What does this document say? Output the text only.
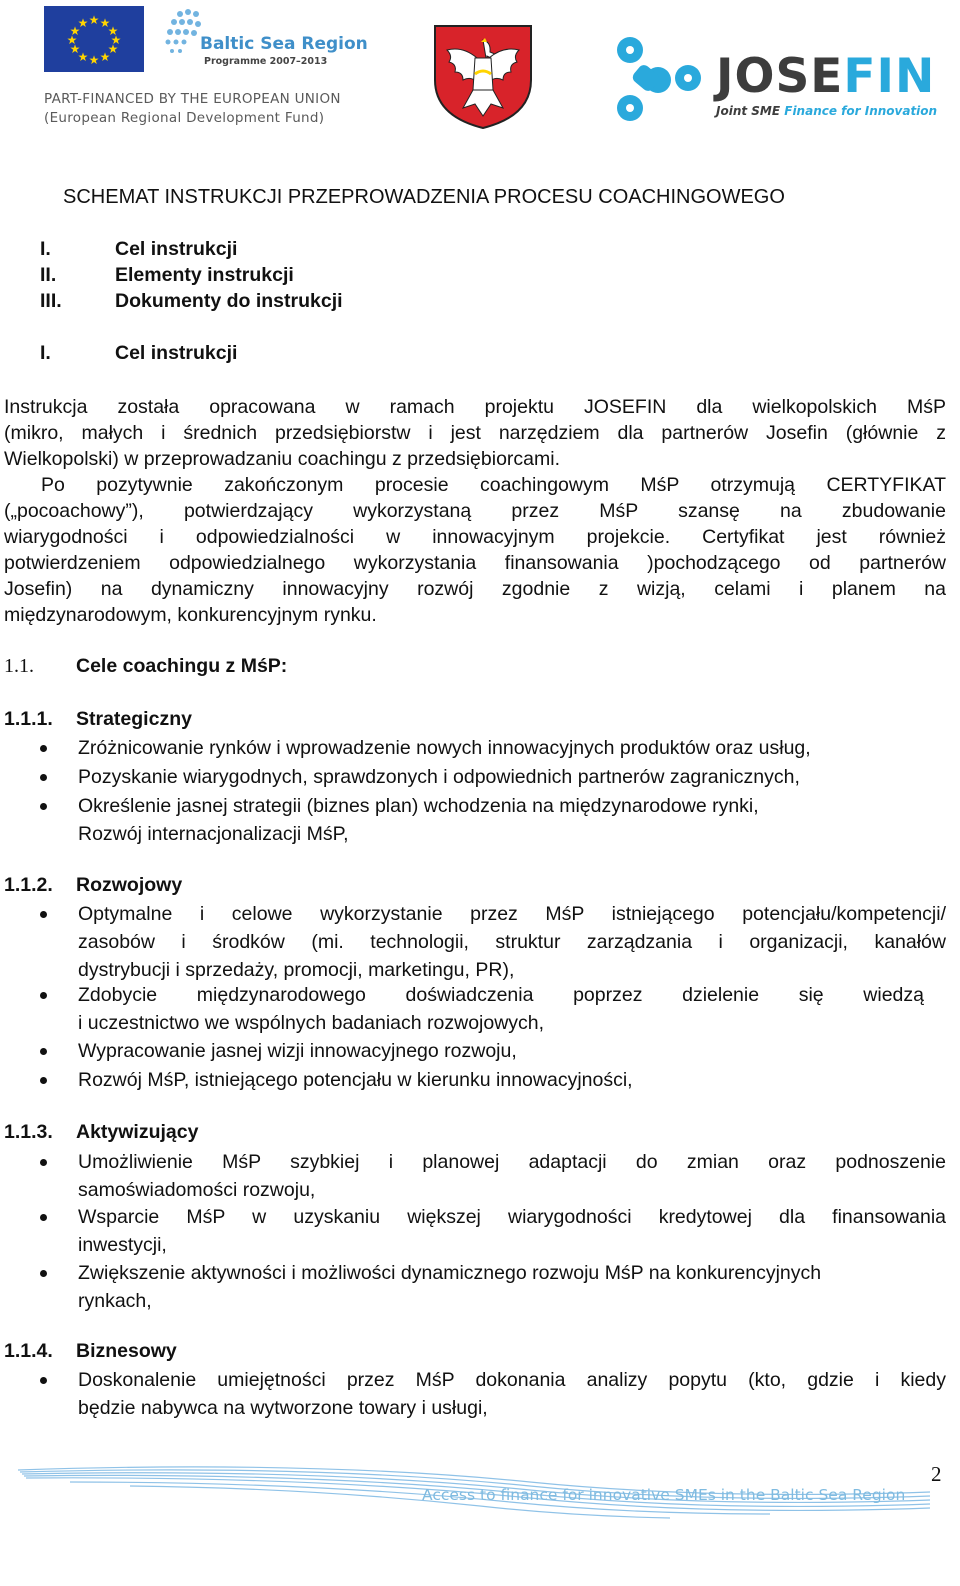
★ ★
★
★
★
★
★
★
★
★
★
★
Baltic Sea Region
Programme 2007–2013
PART-FINANCED BY THE EUROPEAN UNION
(European Regional Development Fund)
JOSEFIN
Joint SME Finance for Innovation
SCHEMAT INSTRUKCJI PRZEPROWADZENIA PROCESU COACHINGOWEGO
I.	Cel instrukcji
II.	Elementy instrukcji
III.	Dokumenty do instrukcji
I.	Cel instrukcji
Instrukcja została opracowana w ramach projektu JOSEFIN dla wielkopolskich MśP
(mikro, małych i średnich przedsiębiorstw i jest narzędziem dla partnerów Josefin (głównie z
Wielkopolski) w przeprowadzaniu coachingu z przedsiębiorcami.
Po pozytywnie zakończonym procesie coachingowym MśP otrzymują CERTYFIKAT
(„pocoachowy”), potwierdzający wykorzystaną przez MśP szansę na zbudowanie
wiarygodności i odpowiedzialności w innowacyjnym projekcie. Certyfikat jest również
potwierdzeniem odpowiedzialnego wykorzystania finansowania )pochodzącego od partnerów
Josefin) na dynamiczny innowacyjny rozwój zgodnie z wizją, celami i planem na
międzynarodowym, konkurencyjnym rynku.
1.1. Cele coachingu z MśP:
1.1.1. Strategiczny
Zróżnicowanie rynków i wprowadzenie nowych innowacyjnych produktów oraz usług,
Pozyskanie wiarygodnych, sprawdzonych i odpowiednich partnerów zagranicznych,
Określenie jasnej strategii (biznes plan) wchodzenia na międzynarodowe rynki,
Rozwój internacjonalizacji MśP,
1.1.2. Rozwojowy
Optymalne i celowe wykorzystanie przez MśP istniejącego potencjału/kompetencji/
zasobów i środków (mi. technologii, struktur zarządzania i organizacji, kanałów
dystrybucji i sprzedaży, promocji, marketingu, PR),
Zdobycie międzynarodowego doświadczenia poprzez dzielenie się wiedzą
i uczestnictwo we wspólnych badaniach rozwojowych,
Wypracowanie jasnej wizji innowacyjnego rozwoju,
Rozwój MśP, istniejącego potencjału w kierunku innowacyjności,
1.1.3. Aktywizujący
Umożliwienie MśP szybkiej i planowej adaptacji do zmian oraz podnoszenie
samoświadomości rozwoju,
Wsparcie MśP w uzyskaniu większej wiarygodności kredytowej dla finansowania
inwestycji,
Zwiększenie aktywności i możliwości dynamicznego rozwoju MśP na konkurencyjnych
rynkach,
1.1.4. Biznesowy
Doskonalenie umiejętności przez MśP dokonania analizy popytu (kto, gdzie i kiedy
będzie nabywca na wytworzone towary i usługi,
Access to finance for innovative SMEs in the Baltic Sea Region
2
